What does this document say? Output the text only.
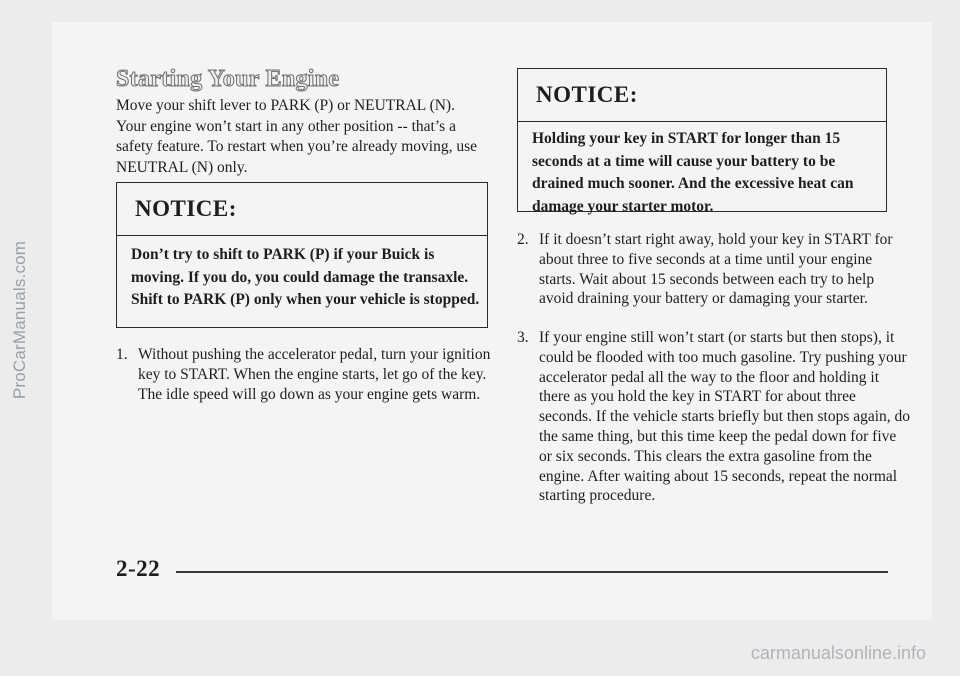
ProCarManuals.com
Starting Your Engine

Move your shift lever to PARK (P) or NEUTRAL (N). Your engine won’t start in any other position -- that’s a safety feature. To restart when you’re already moving, use NEUTRAL (N) only.

NOTICE:
Don’t try to shift to PARK (P) if your Buick is moving. If you do, you could damage the transaxle. Shift to PARK (P) only when your vehicle is stopped.

1. Without pushing the accelerator pedal, turn your ignition key to START. When the engine starts, let go of the key. The idle speed will go down as your engine gets warm.

NOTICE:
Holding your key in START for longer than 15 seconds at a time will cause your battery to be drained much sooner. And the excessive heat can damage your starter motor.

2. If it doesn’t start right away, hold your key in START for about three to five seconds at a time until your engine starts. Wait about 15 seconds between each try to help avoid draining your battery or damaging your starter.

3. If your engine still won’t start (or starts but then stops), it could be flooded with too much gasoline. Try pushing your accelerator pedal all the way to the floor and holding it there as you hold the key in START for about three seconds. If the vehicle starts briefly but then stops again, do the same thing, but this time keep the pedal down for five or six seconds. This clears the extra gasoline from the engine. After waiting about 15 seconds, repeat the normal starting procedure.

2-22
carmanualsonline.info
